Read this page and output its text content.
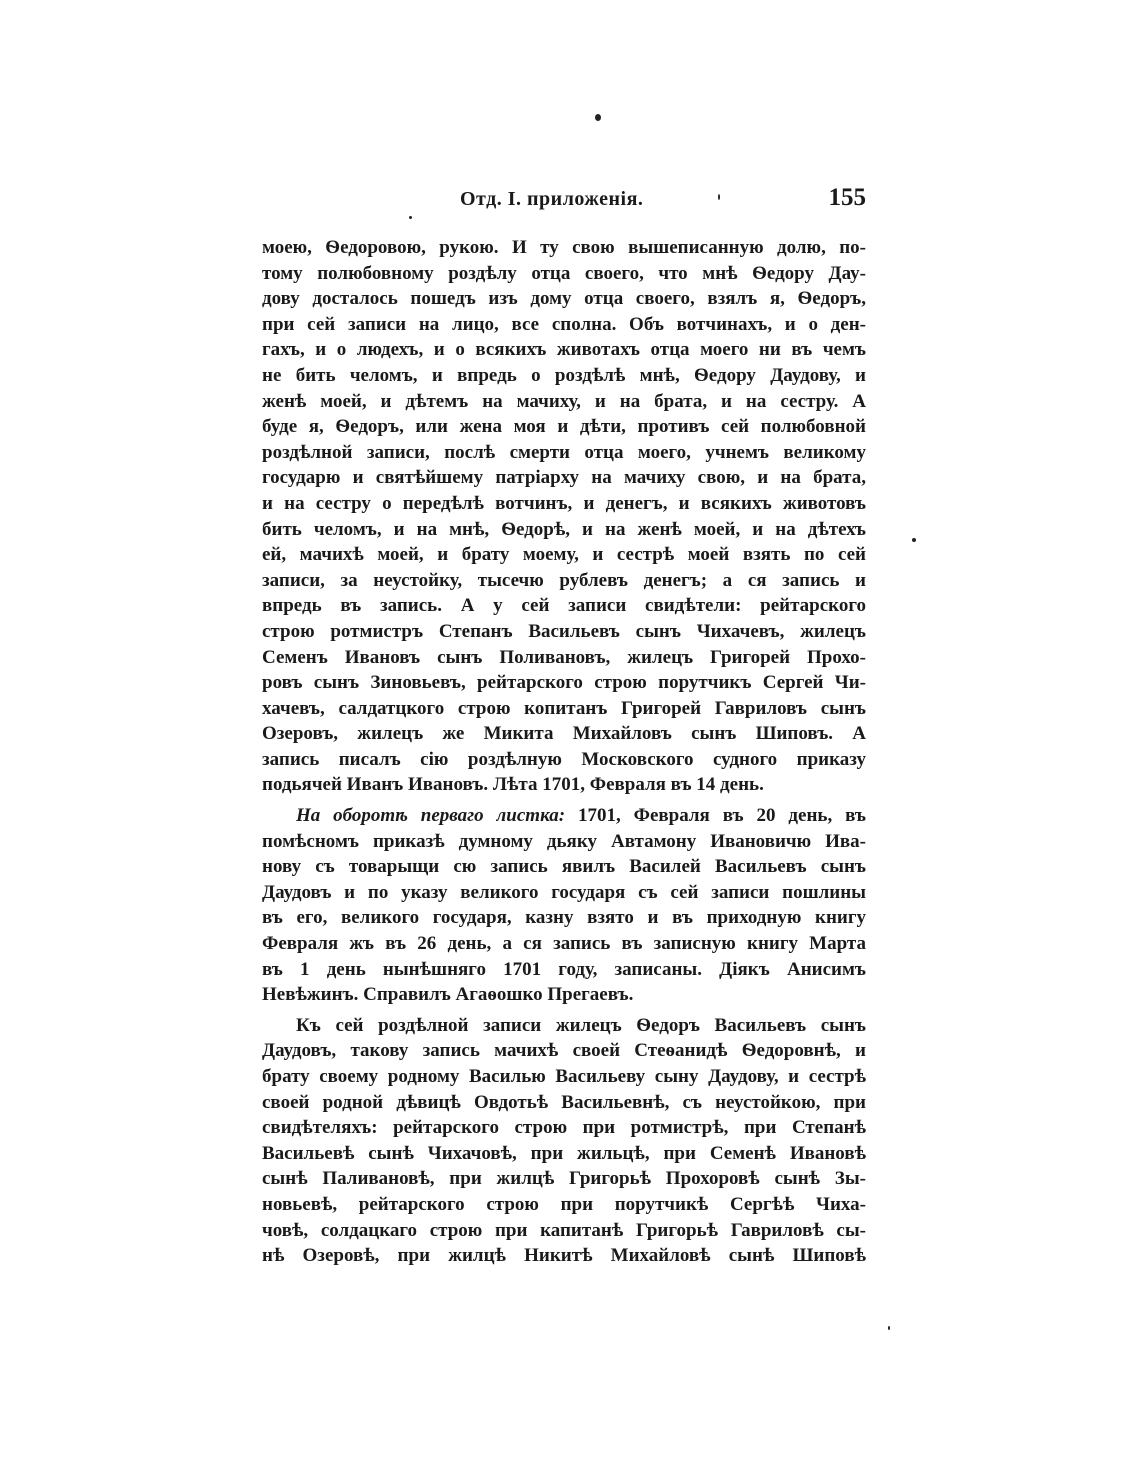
Отд. I. приложенія.	155
моею, Ѳедоровою, рукою. И ту свою вышеписанную долю, по-
тому полюбовному роздѣлу отца своего, что мнѣ Ѳедору Дау-
дову досталось пошедъ изъ дому отца своего, взялъ я, Ѳедоръ,
при сей записи на лицо, все сполна. Объ вотчинахъ, и о ден-
гахъ, и о людехъ, и о всякихъ животахъ отца моего ни въ чемъ
не бить челомъ, и впредь о роздѣлѣ мнѣ, Ѳедору Даудову, и
женѣ моей, и дѣтемъ на мачиху, и на брата, и на сестру. А
буде я, Ѳедоръ, или жена моя и дѣти, противъ сей полюбовной
роздѣлной записи, послѣ смерти отца моего, учнемъ великому
государю и святѣйшему патріарху на мачиху свою, и на брата,
и на сестру о передѣлѣ вотчинъ, и денегъ, и всякихъ животовъ
бить челомъ, и на мнѣ, Ѳедорѣ, и на женѣ моей, и на дѣтехъ
ей, мачихѣ моей, и брату моему, и сестрѣ моей взять по сей
записи, за неустойку, тысечю рублевъ денегъ; а ся запись и
впредь въ запись. А у сей записи свидѣтели: рейтарского
строю ротмистръ Степанъ Васильевъ сынъ Чихачевъ, жилецъ
Семенъ Ивановъ сынъ Поливановъ, жилецъ Григорей Прохо-
ровъ сынъ Зиновьевъ, рейтарского строю порутчикъ Сергей Чи-
хачевъ, салдатцкого строю копитанъ Григорей Гавриловъ сынъ
Озеровъ, жилецъ же Микита Михайловъ сынъ Шиповъ. А
запись писалъ сію роздѣлную Московского судного приказу
подьячей Иванъ Ивановъ. Лѣта 1701, Февраля въ 14 день.
На оборотѣ первагo листка: 1701, Февраля въ 20 день, въ
помѣсномъ приказѣ думному дьяку Автамону Ивановичю Ива-
нову съ товарыщи сю запись явилъ Василей Васильевъ сынъ
Даудовъ и по указу великого государя съ сей записи пошлины
въ его, великого государя, казну взято и въ приходную книгу
Февраля жъ въ 26 день, а ся запись въ записную книгу Марта
въ 1 день нынѣшняго 1701 году, записаны. Діякъ Анисимъ
Невѣжинъ. Справилъ Агаѳошко Прегаевъ.
Къ сей роздѣлной записи жилецъ Ѳедоръ Васильевъ сынъ
Даудовъ, такову запись мачихѣ своей Стеѳанидѣ Ѳедоровнѣ, и
брату своему родному Василью Васильеву сыну Даудову, и сестрѣ
своей родной дѣвицѣ Овдотьѣ Васильевнѣ, съ неустойкою, при
свидѣтеляхъ: рейтарского строю при ротмистрѣ, при Степанѣ
Васильевѣ сынѣ Чихачовѣ, при жильцѣ, при Семенѣ Ивановѣ
сынѣ Паливановѣ, при жилцѣ Григорьѣ Прохоровѣ сынѣ Зы-
новьевѣ, рейтарского строю при порутчикѣ Сергѣѣ Чиха-
човѣ, солдацкаго строю при капитанѣ Григорьѣ Гавриловѣ сы-
нѣ Озеровѣ, при жилцѣ Никитѣ Михайловѣ сынѣ Шиповѣ
